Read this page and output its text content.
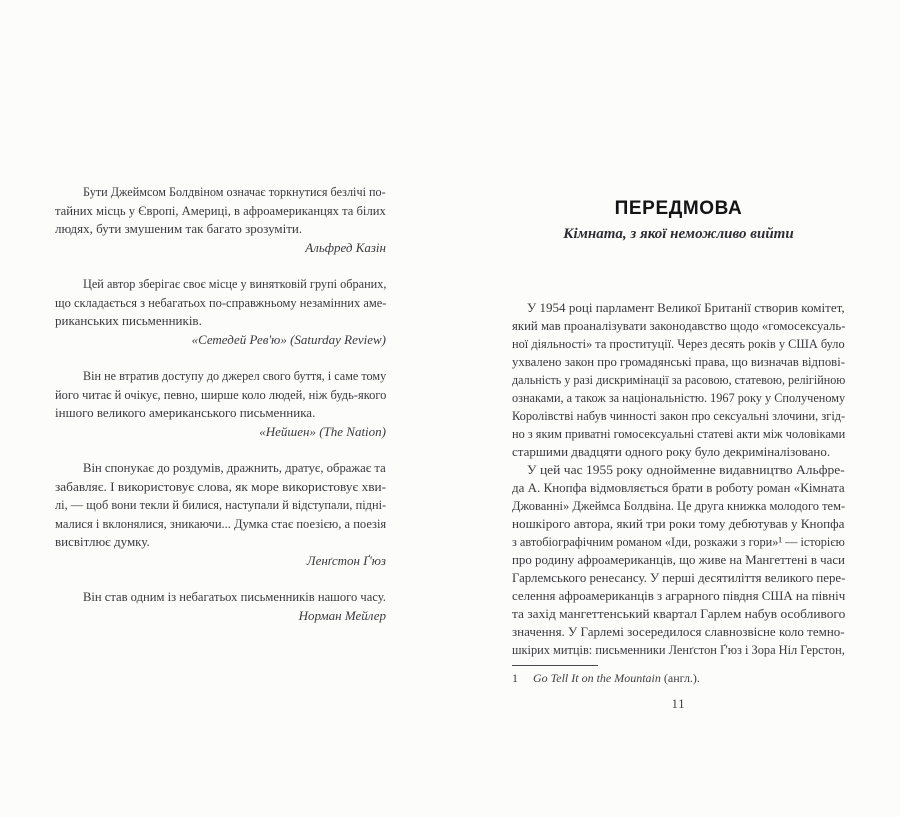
Бути Джеймсом Болдвіном означає торкнутися безлічі по-
тайних місць у Європі, Америці, в афроамериканцях та білих
людях, бути змушеним так багато зрозуміти.
Альфред Казін
Цей автор зберігає своє місце у винятковій групі обраних,
що складається з небагатьох по-справжньому незамінних аме-
риканських письменників.
«Сетедей Рев'ю» (Saturday Review)
Він не втратив доступу до джерел свого буття, і саме тому
його читає й очікує, певно, ширше коло людей, ніж будь-якого
іншого великого американського письменника.
«Нейшен» (The Nation)
Він спонукає до роздумів, дражнить, дратує, ображає та
забавляє. І використовує слова, як море використовує хви-
лі, — щоб вони текли й билися, наступали й відступали, підні-
малися і вклонялися, зникаючи... Думка стає поезією, а поезія
висвітлює думку.
Ленґстон Ґ'юз
Він став одним із небагатьох письменників нашого часу.
Норман Мейлер
ПЕРЕДМОВА
Кімната, з якої неможливо вийти
У 1954 році парламент Великої Британії створив комітет,
який мав проаналізувати законодавство щодо «гомосексуаль-
ної діяльності» та проституції. Через десять років у США було
ухвалено закон про громадянські права, що визначав відпові-
дальність у разі дискримінації за расовою, статевою, релігійною
ознаками, а також за національністю. 1967 року у Сполученому
Королівстві набув чинності закон про сексуальні злочини, згід-
но з яким приватні гомосексуальні статеві акти між чоловіками
старшими двадцяти одного року було декриміналізовано.
У цей час 1955 року однойменне видавництво Альфре-
да А. Кнопфа відмовляється брати в роботу роман «Кімната
Джованні» Джеймса Болдвіна. Це друга книжка молодого тем-
ношкірого автора, який три роки тому дебютував у Кнопфа
з автобіографічним романом «Іди, розкажи з гори»¹ — історією
про родину афроамериканців, що живе на Мангеттені в часи
Гарлемського ренесансу. У перші десятиліття великого пере-
селення афроамериканців з аграрного півдня США на північ
та захід мангеттенський квартал Гарлем набув особливого
значення. У Гарлемі зосередилося славнозвісне коло темно-
шкірих митців: письменники Ленґстон Ґ'юз і Зора Ніл Герстон,
1 Go Tell It on the Mountain (англ.).
11
